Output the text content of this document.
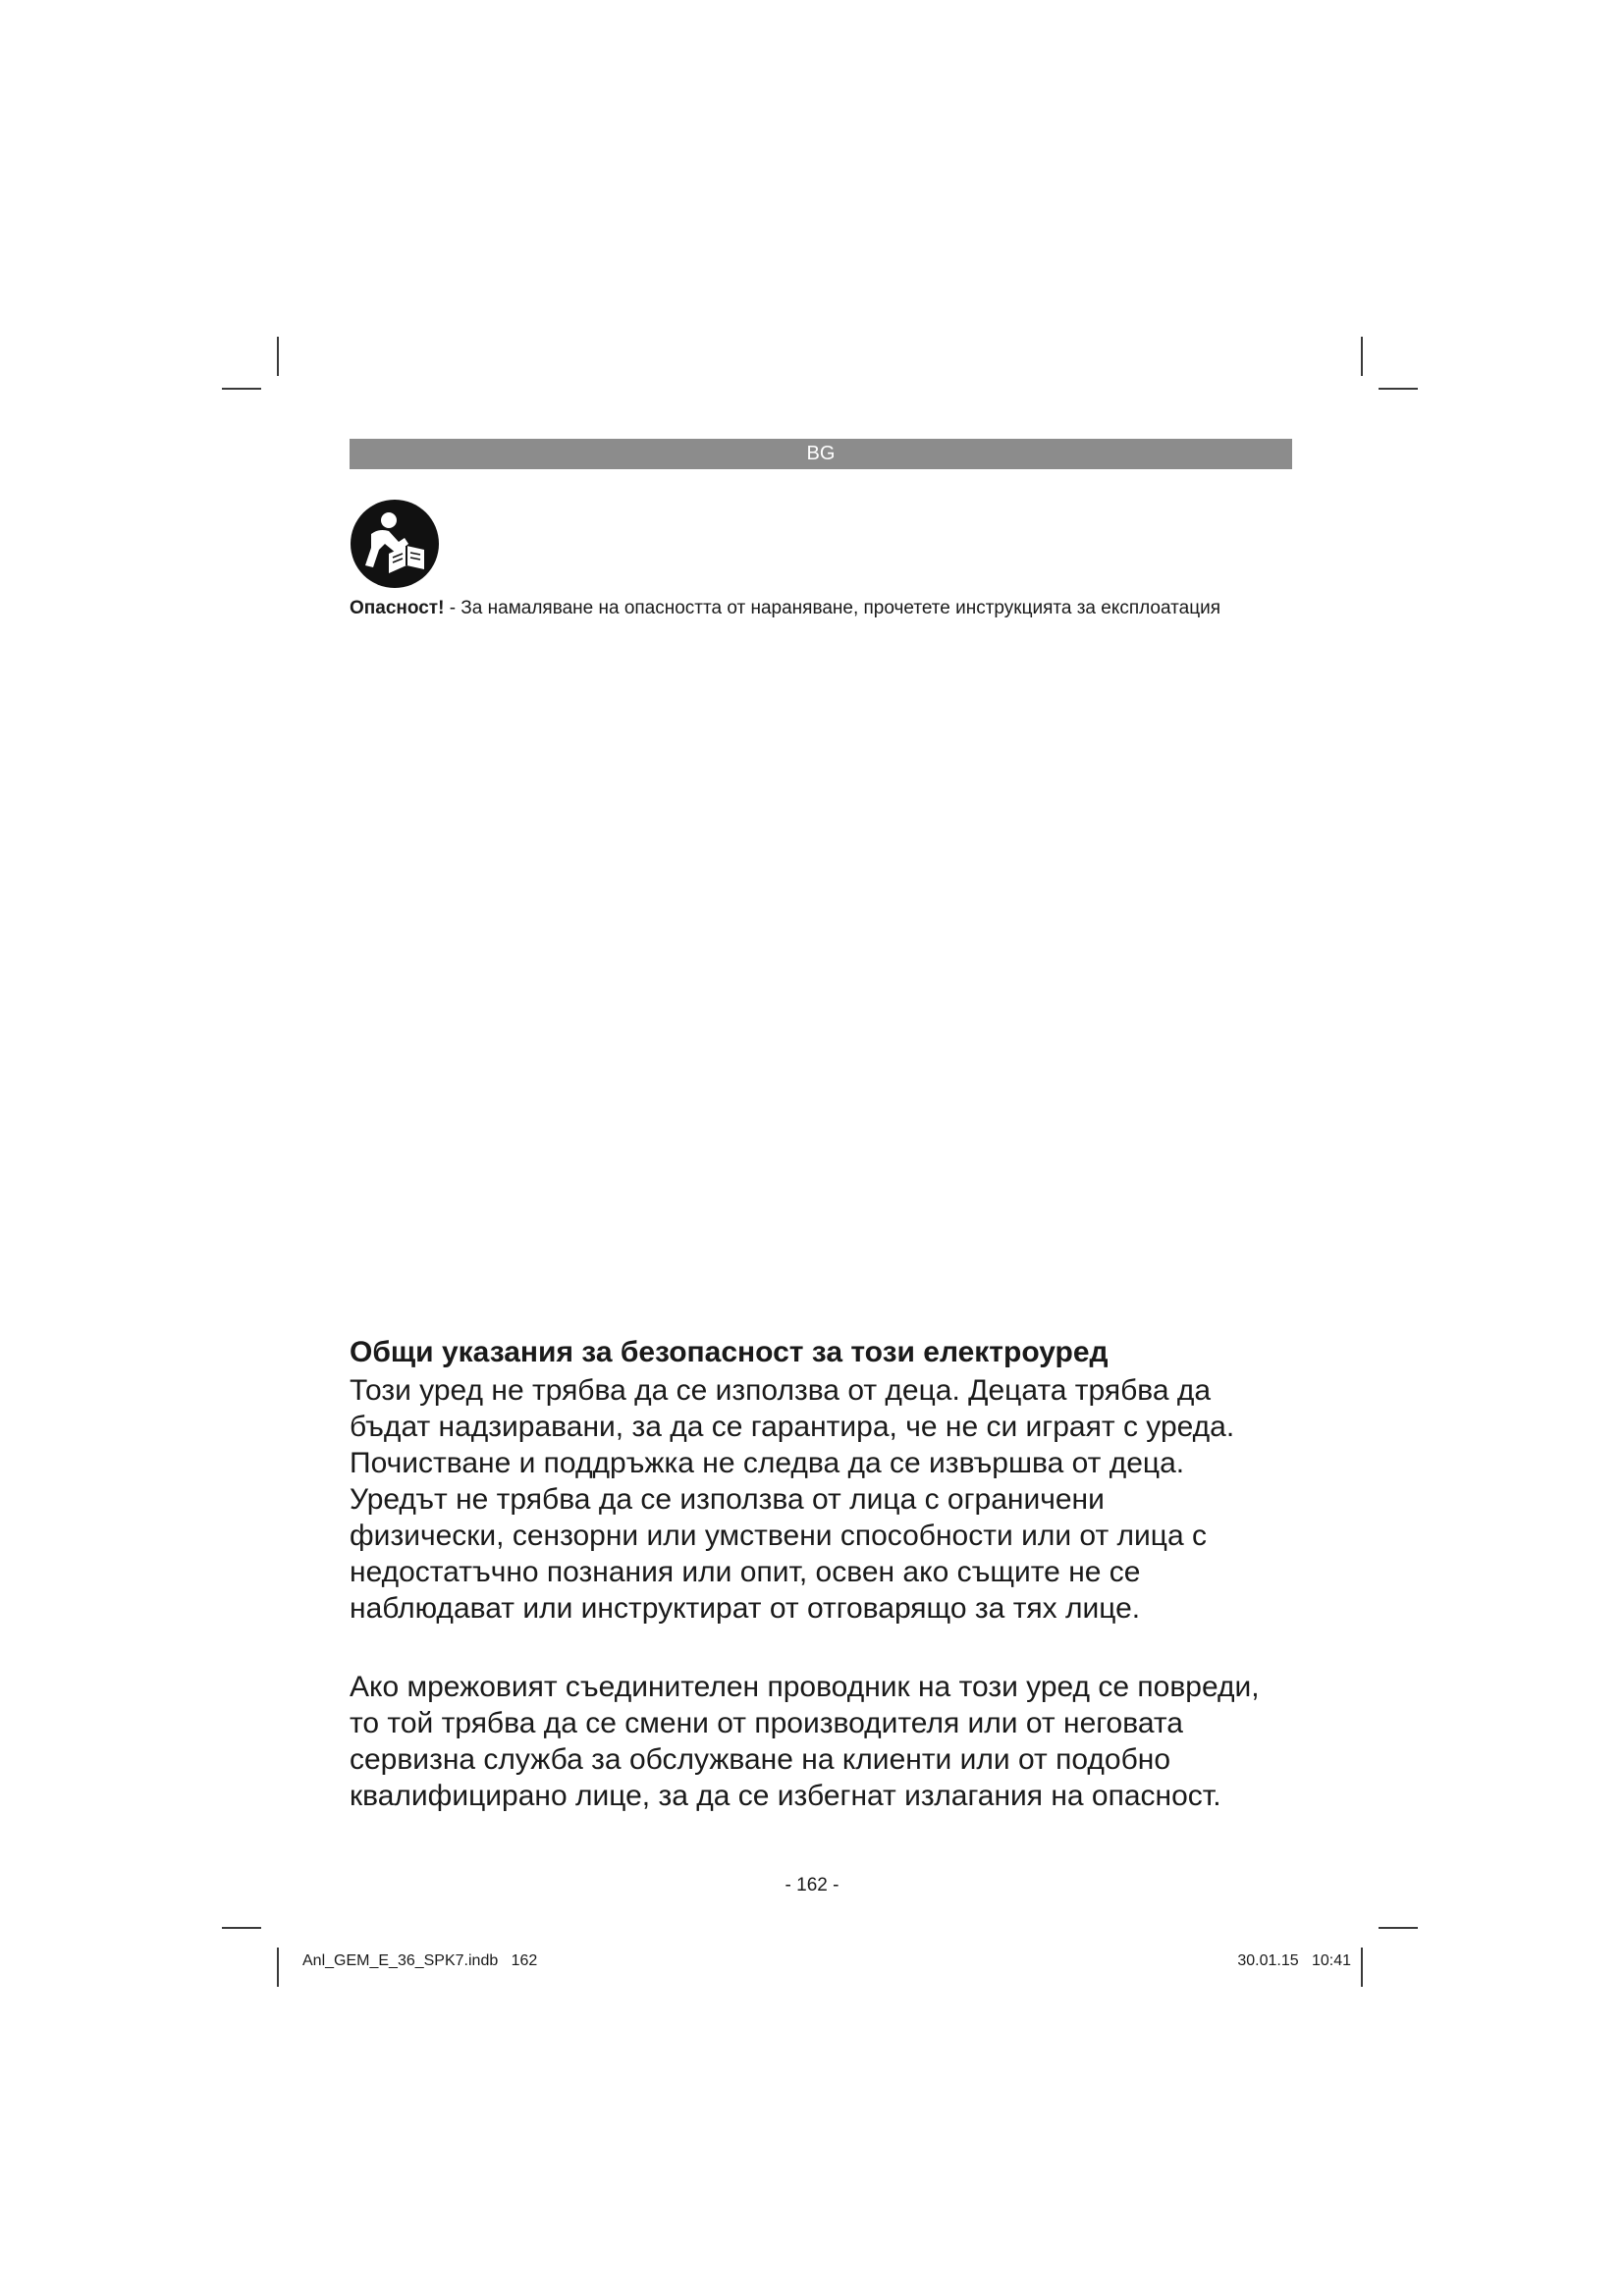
BG
Опасност! - За намаляване на опасността от нараняване, прочетете инструкцията за експлоатация
Общи указания за безопасност за този електроуред

Този уред не трябва да се използва от деца. Децата трябва да бъдат надзиравани, за да се гарантира, че не си играят с уреда. Почистване и поддръжка не следва да се извършва от деца. Уредът не трябва да се използва от лица с ограничени физически, сензорни или умствени способности или от лица с недостатъчно познания или опит, освен ако същите не се наблюдават или инструктират от отговарящо за тях лице.

Ако мрежовият съединителен проводник на този уред се повреди, то той трябва да се смени от производителя или от неговата сервизна служба за обслужване на клиенти или от подобно квалифицирано лице, за да се избегнат излагания на опасност.

- 162 -
Anl_GEM_E_36_SPK7.indb   162	30.01.15   10:41
